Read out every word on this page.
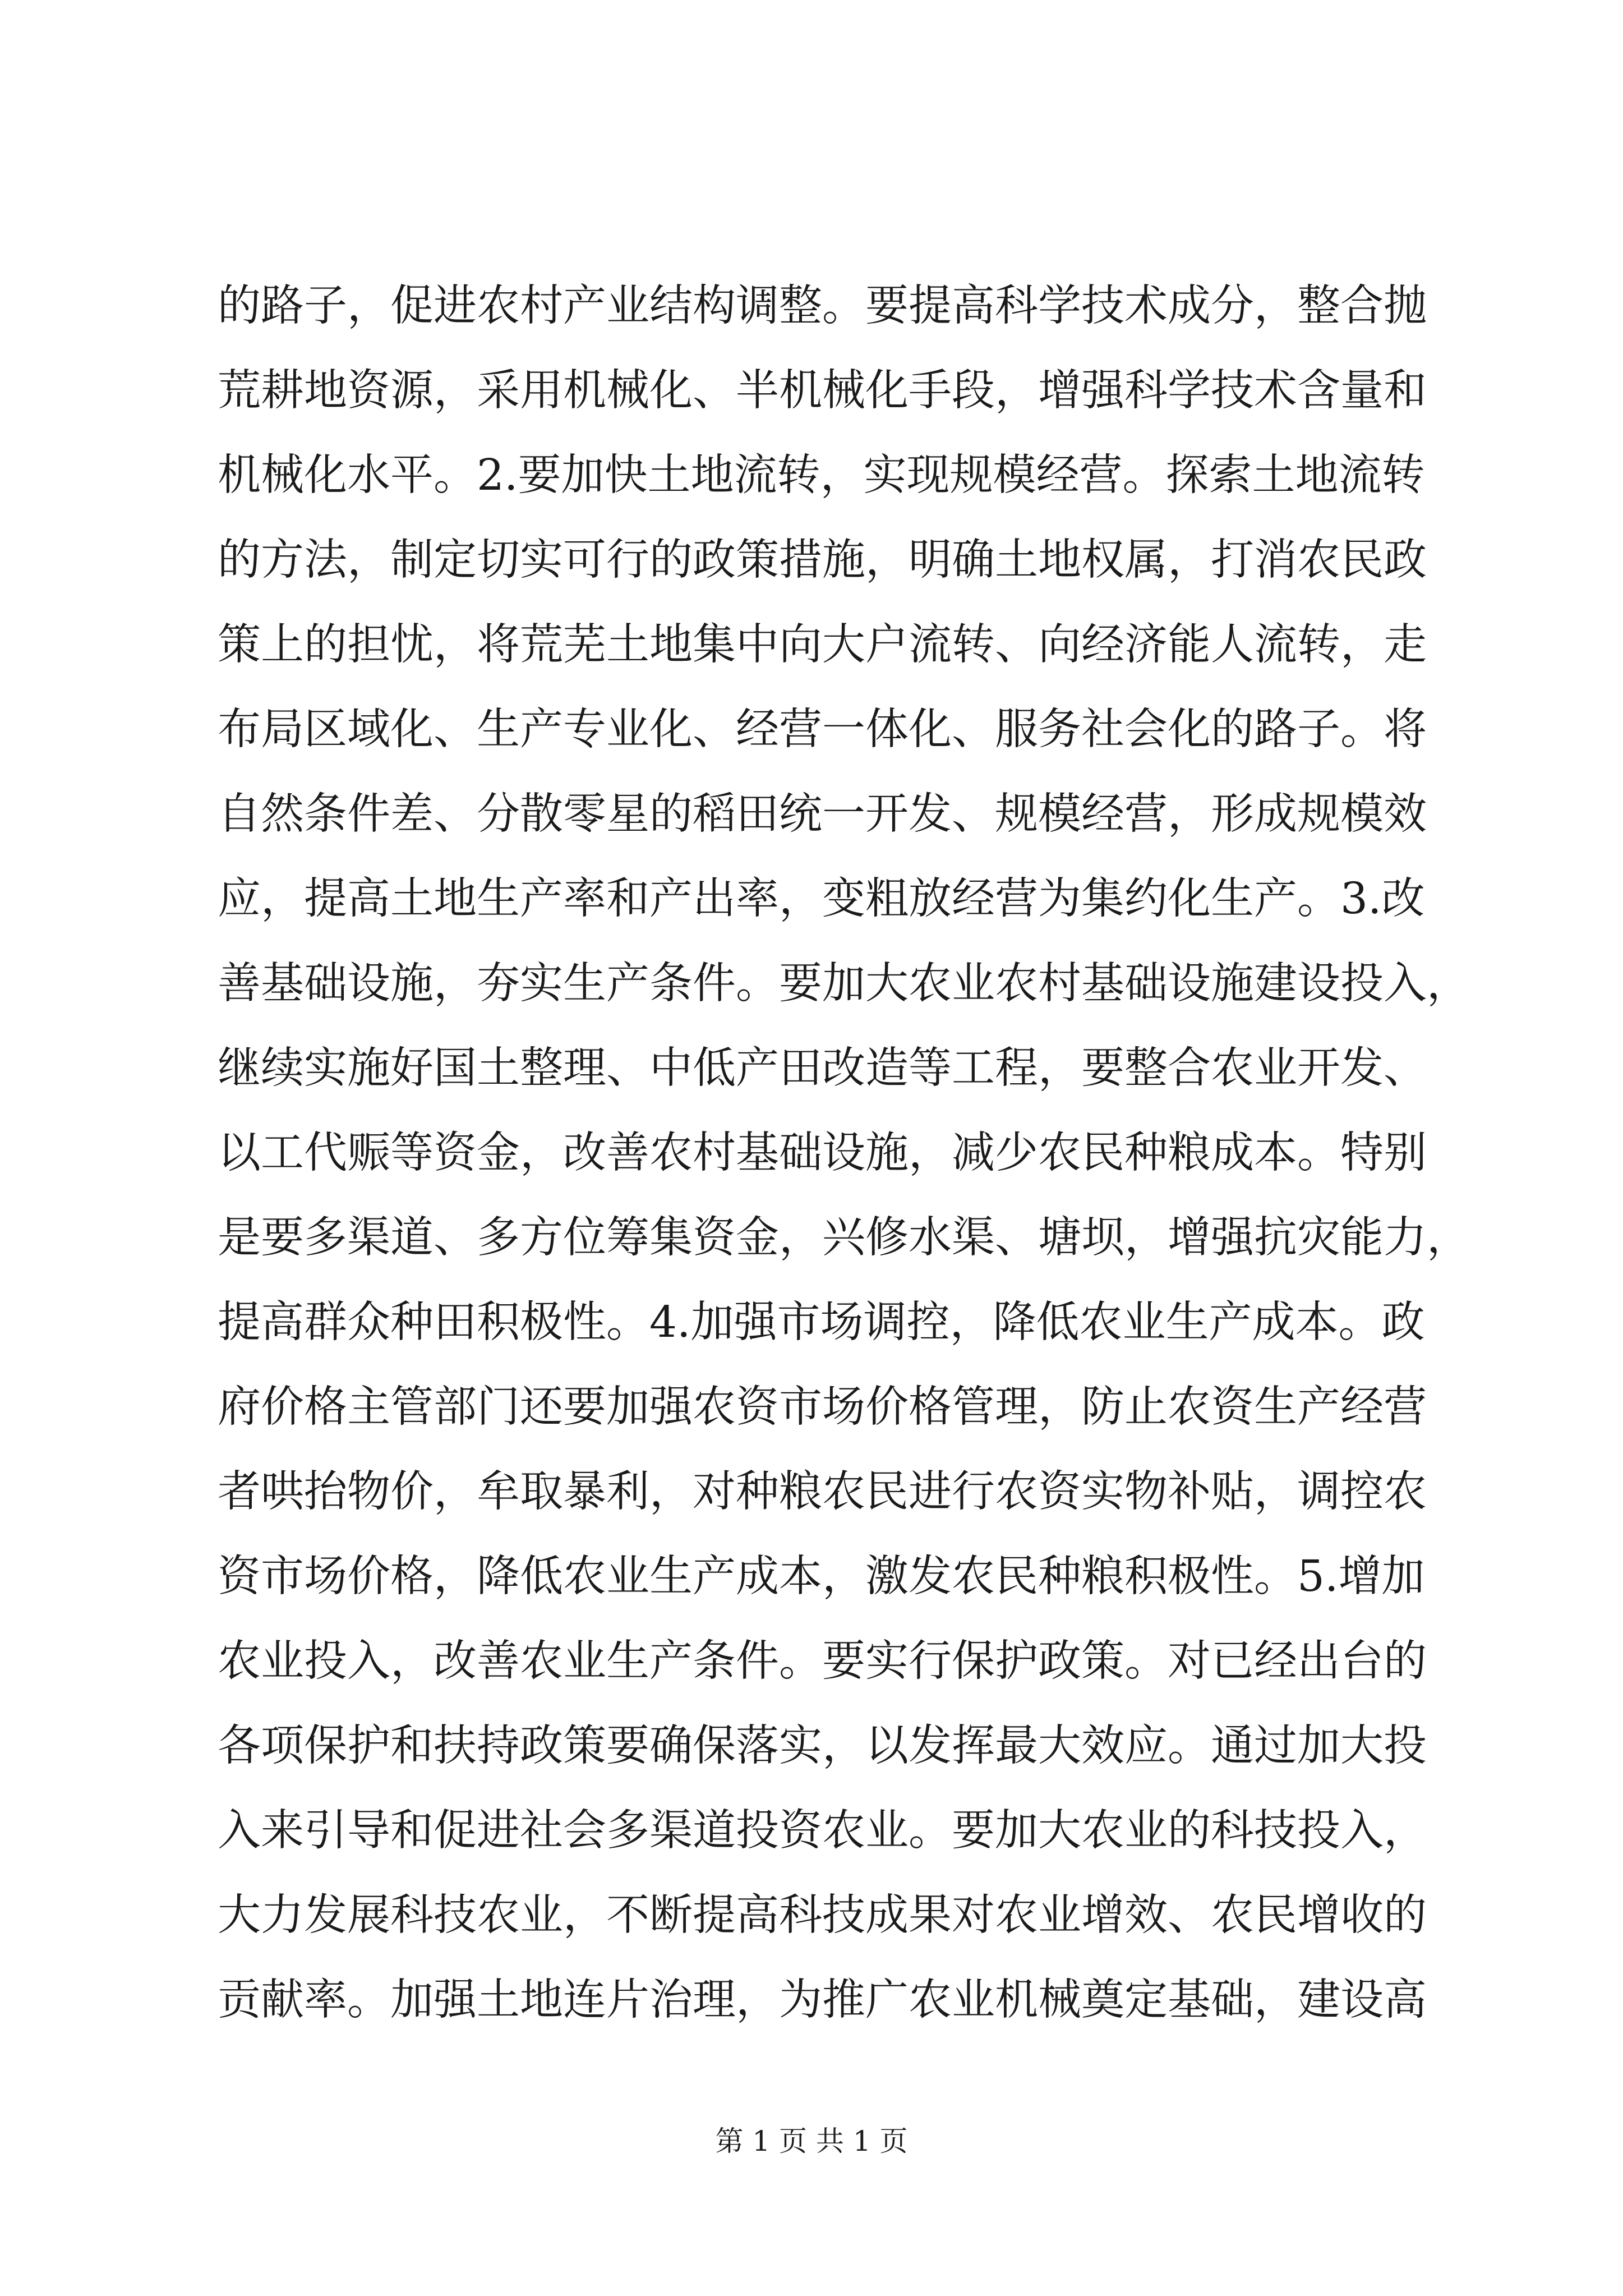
的路子，促进农村产业结构调整。要提高科学技术成分，整合抛
荒耕地资源，采用机械化、半机械化手段，增强科学技术含量和
机械化水平。2.要加快土地流转，实现规模经营。探索土地流转
的方法，制定切实可行的政策措施，明确土地权属，打消农民政
策上的担忧，将荒芜土地集中向大户流转、向经济能人流转，走
布局区域化、生产专业化、经营一体化、服务社会化的路子。将
自然条件差、分散零星的稻田统一开发、规模经营，形成规模效
应，提高土地生产率和产出率，变粗放经营为集约化生产。3.改
善基础设施，夯实生产条件。要加大农业农村基础设施建设投入，
继续实施好国土整理、中低产田改造等工程，要整合农业开发、
以工代赈等资金，改善农村基础设施，减少农民种粮成本。特别
是要多渠道、多方位筹集资金，兴修水渠、塘坝，增强抗灾能力，
提高群众种田积极性。4.加强市场调控，降低农业生产成本。政
府价格主管部门还要加强农资市场价格管理，防止农资生产经营
者哄抬物价，牟取暴利，对种粮农民进行农资实物补贴，调控农
资市场价格，降低农业生产成本，激发农民种粮积极性。5.增加
农业投入，改善农业生产条件。要实行保护政策。对已经出台的
各项保护和扶持政策要确保落实，以发挥最大效应。通过加大投
入来引导和促进社会多渠道投资农业。要加大农业的科技投入，
大力发展科技农业，不断提高科技成果对农业增效、农民增收的
贡献率。加强土地连片治理，为推广农业机械奠定基础，建设高
第 1 页 共 1 页
